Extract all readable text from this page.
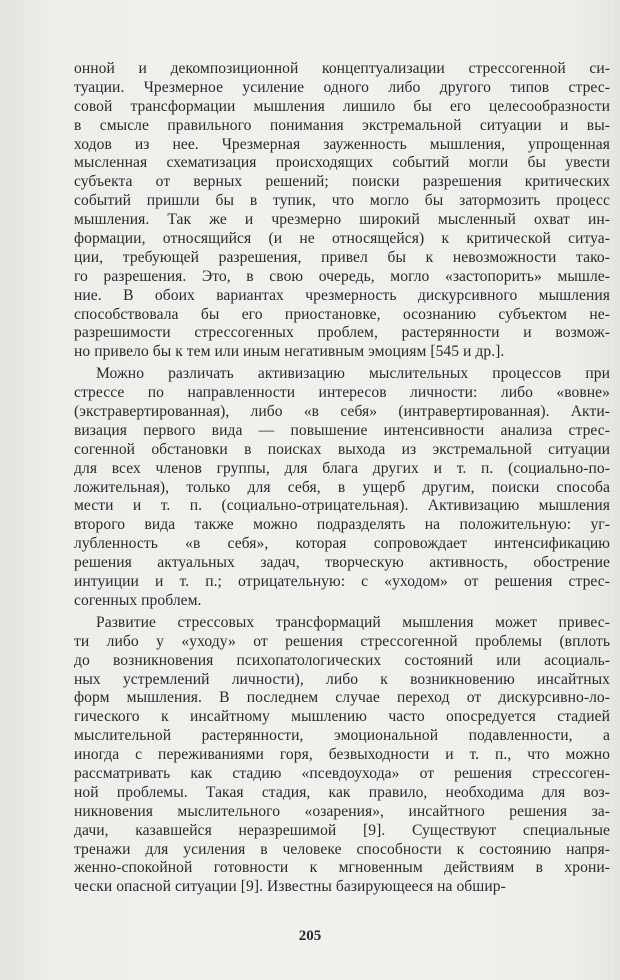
онной и декомпозиционной концептуализации стрессогенной си-
туации. Чрезмерное усиление одного либо другого типов стрес-
совой трансформации мышления лишило бы его целесообразности
в смысле правильного понимания экстремальной ситуации и вы-
ходов из нее. Чрезмерная зауженность мышления, упрощенная
мысленная схематизация происходящих событий могли бы увести
субъекта от верных решений; поиски разрешения критических
событий пришли бы в тупик, что могло бы затормозить процесс
мышления. Так же и чрезмерно широкий мысленный охват ин-
формации, относящийся (и не относящейся) к критической ситуа-
ции, требующей разрешения, привел бы к невозможности тако-
го разрешения. Это, в свою очередь, могло «застопорить» мышле-
ние. В обоих вариантах чрезмерность дискурсивного мышления
способствовала бы его приостановке, осознанию субъектом не-
разрешимости стрессогенных проблем, растерянности и возмож-
но привело бы к тем или иным негативным эмоциям [545 и др.].
Можно различать активизацию мыслительных процессов при
стрессе по направленности интересов личности: либо «вовне»
(экстравертированная), либо «в себя» (интравертированная). Акти-
визация первого вида — повышение интенсивности анализа стрес-
согенной обстановки в поисках выхода из экстремальной ситуации
для всех членов группы, для блага других и т. п. (социально-по-
ложительная), только для себя, в ущерб другим, поиски способа
мести и т. п. (социально-отрицательная). Активизацию мышления
второго вида также можно подразделять на положительную: уг-
лубленность «в себя», которая сопровождает интенсификацию
решения актуальных задач, творческую активность, обострение
интуиции и т. п.; отрицательную: с «уходом» от решения стрес-
согенных проблем.
Развитие стрессовых трансформаций мышления может привес-
ти либо у «уходу» от решения стрессогенной проблемы (вплоть
до возникновения психопатологических состояний или асоциаль-
ных устремлений личности), либо к возникновению инсайтных
форм мышления. В последнем случае переход от дискурсивно-ло-
гического к инсайтному мышлению часто опосредуется стадией
мыслительной растерянности, эмоциональной подавленности, а
иногда с переживаниями горя, безвыходности и т. п., что можно
рассматривать как стадию «псевдоухода» от решения стрессоген-
ной проблемы. Такая стадия, как правило, необходима для воз-
никновения мыслительного «озарения», инсайтного решения за-
дачи, казавшейся неразрешимой [9]. Существуют специальные
тренажи для усиления в человеке способности к состоянию напря-
женно-спокойной готовности к мгновенным действиям в хрони-
чески опасной ситуации [9]. Известны базирующееся на обшир-
205
